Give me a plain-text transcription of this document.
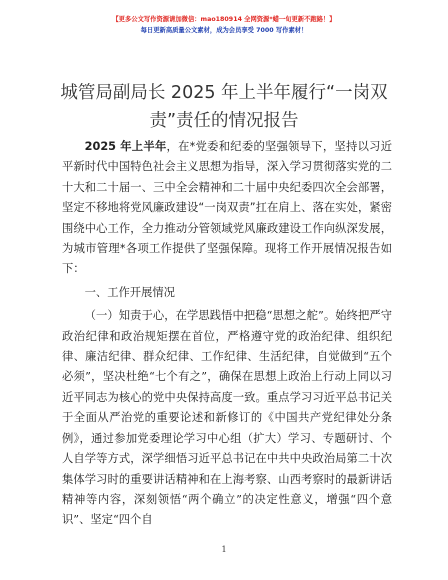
【更多公文写作资源请加微信：mao180914 全网资源*蜡一旬更新不跑路！】
每日更新高质量公文素材，成为会员享受 7000 写作素材！
城管局副局长 2025 年上半年履行“一岗双
责”责任的情况报告

2025 年上半年，在*党委和纪委的坚强领导下，坚持以习近平新时代中国特色社会主义思想为指导，深入学习贯彻落实党的二十大和二十届一、三中全会精神和二十届中央纪委四次全会部署，坚定不移地将党风廉政建设“一岗双责”扛在肩上、落在实处，紧密围绕中心工作，全力推动分管领域党风廉政建设工作向纵深发展，为城市管理*各项工作提供了坚强保障。现将工作开展情况报告如下：

一、工作开展情况

（一）知责于心，在学思践悟中把稳“思想之舵”。始终把严守政治纪律和政治规矩摆在首位，严格遵守党的政治纪律、组织纪律、廉洁纪律、群众纪律、工作纪律、生活纪律，自觉做到“五个必须”，坚决杜绝“七个有之”，确保在思想上政治上行动上同以习近平同志为核心的党中央保持高度一致。重点学习习近平总书记关于全面从严治党的重要论述和新修订的《中国共产党纪律处分条例》，通过参加党委理论学习中心组（扩大）学习、专题研讨、个人自学等方式，深学细悟习近平总书记在中共中央政治局第二十次集体学习时的重要讲话精神和在上海考察、山西考察时的最新讲话精神等内容，深刻领悟“两个确立”的决定性意义，增强“四个意识”、坚定“四个自

1
